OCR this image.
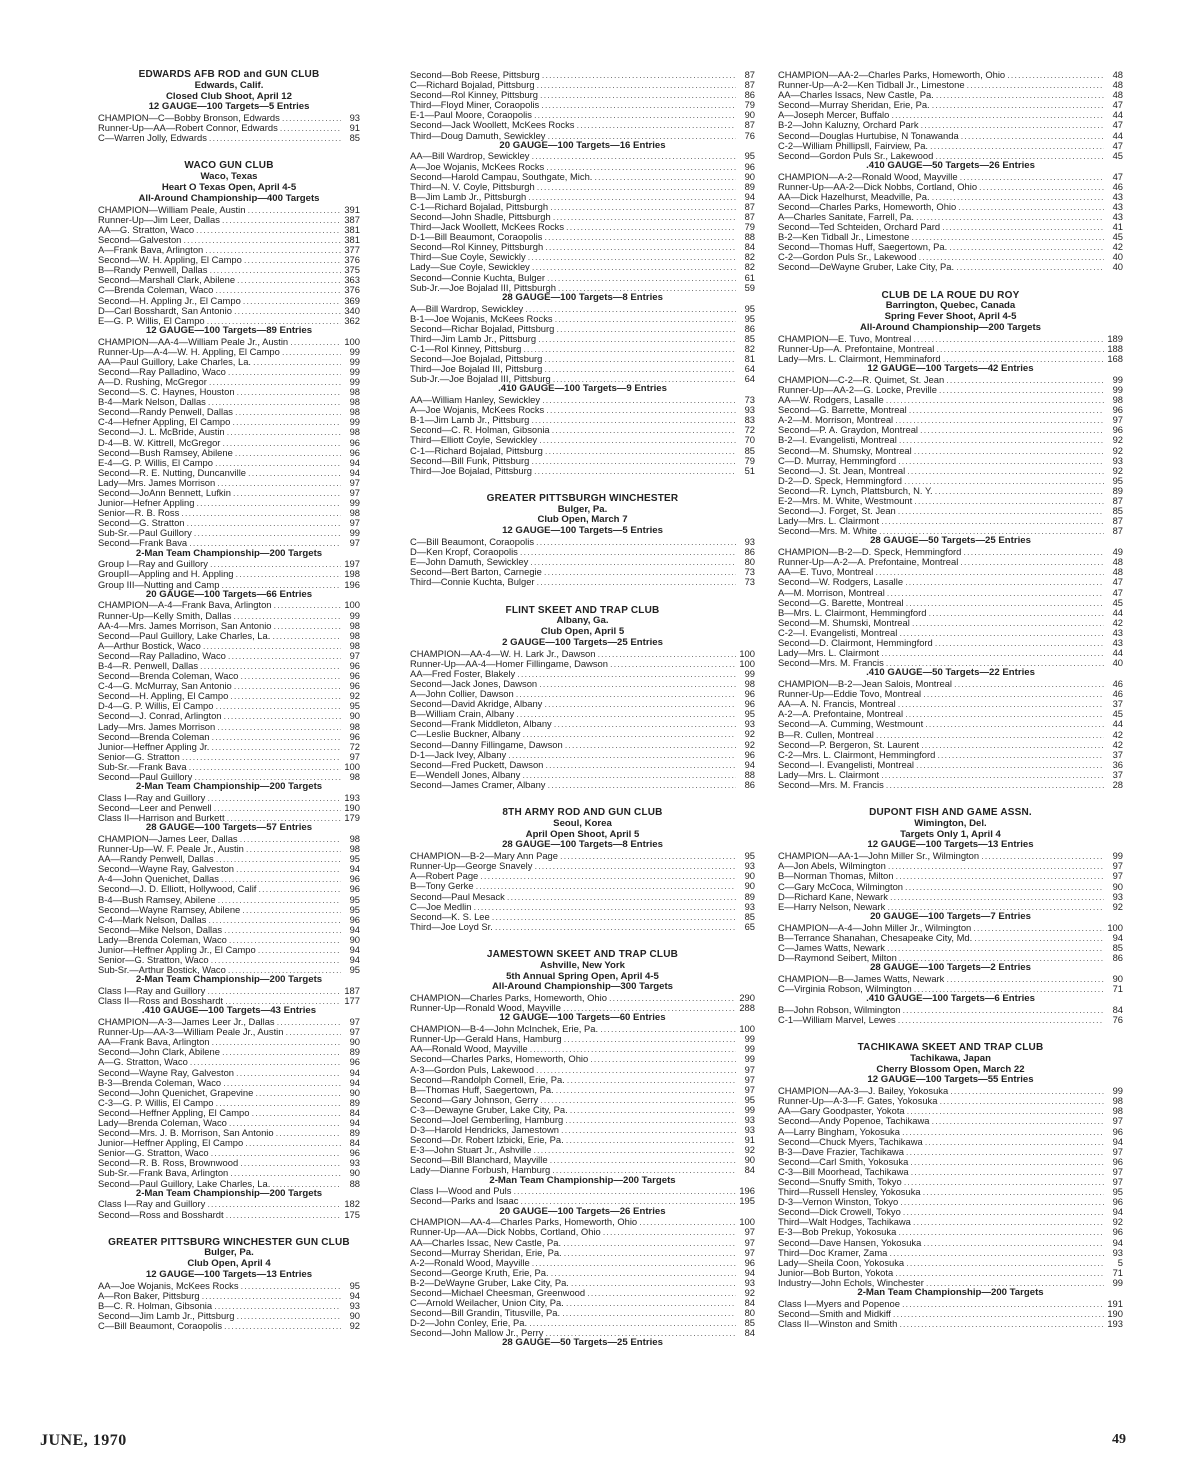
EDWARDS AFB ROD and GUN CLUB
Edwards, Calif.
Closed Club Shoot, April 12
12 GAUGE—100 Targets—5 Entries
CHAMPION—C—Bobby Bronson, Edwards .....	93
Runner-Up—AA—Robert Connor, Edwards .....	91
C—Warren Jolly, Edwards .....	85
WACO GUN CLUB
Waco, Texas
Heart O Texas Open, April 4-5
All-Around Championship—400 Targets
CHAMPION—William Peale, Austin .....	391
Runner-Up—Jim Leer, Dallas .....	387
AA—G. Stratton, Waco .....	381
Second—Galveston .....	381
A—Frank Bava, Arlington .....	377
Second—W. H. Appling, El Campo .....	376
B—Randy Penwell, Dallas .....	375
Second—Marshall Clark, Abilene .....	363
C—Brenda Coleman, Waco .....	376
Second—H. Appling Jr., El Campo .....	369
D—Carl Bosshardt, San Antonio .....	340
E—G. P. Willis, El Campo .....	362
12 GAUGE—100 Targets—89 Entries
CHAMPION—AA-4—William Peale Jr., Austin .....	100
Runner-Up—A-4—W. H. Appling, El Campo .....	99
AA—Paul Guillory, Lake Charles, La. .....	99
Second—Ray Palladino, Waco .....	99
A—D. Rushing, McGregor .....	99
Second—S. C. Haynes, Houston .....	98
B-4—Mark Nelson, Dallas .....	98
Second—Randy Penwell, Dallas .....	98
C-4—Hefner Appling, El Campo .....	99
Second—J. L. McBride, Austin .....	98
D-4—B. W. Kittrell, McGregor .....	96
Second—Bush Ramsey, Abilene .....	96
E-4—G. P. Willis, El Campo .....	94
Second—R. E. Nutting, Duncanville .....	94
Lady—Mrs. James Morrison .....	97
Second—JoAnn Bennett, Lufkin .....	97
Junior—Hefner Appling .....	99
Senior—R. B. Ross .....	98
Second—G. Stratton .....	97
Sub-Sr.—Paul Guillory .....	99
Second—Frank Bava .....	97
2-Man Team Championship—200 Targets
Group I—Ray and Guillory .....	197
GroupII—Appling and H. Appling .....	198
Group III—Nutting and Camp .....	196
20 GAUGE—100 Targets—66 Entries
CHAMPION—A-4—Frank Bava, Arlington .....	100
Runner-Up—Kelly Smith, Dallas .....	99
AA-4—Mrs. James Morrison, San Antonio .....	98
Second—Paul Guillory, Lake Charles, La. .....	98
A—Arthur Bostick, Waco .....	98
Second—Ray Palladino, Waco .....	97
B-4—R. Penwell, Dallas .....	96
Second—Brenda Coleman, Waco .....	96
C-4—G. McMurray, San Antonio .....	96
Second—H. Appling, El Campo .....	92
D-4—G. P. Willis, El Campo .....	95
Second—J. Conrad, Arlington .....	90
Lady—Mrs. James Morrison .....	98
Second—Brenda Coleman .....	96
Junior—Heffner Appling Jr. .....	72
Senior—G. Stratton .....	97
Sub-Sr.—Frank Bava .....	100
Second—Paul Guillory .....	98
2-Man Team Championship—200 Targets
Class I—Ray and Guillory .....	193
Second—Leer and Penwell .....	190
Class II—Harrison and Burkett .....	179
28 GAUGE—100 Targets—57 Entries
CHAMPION—James Leer, Dallas .....	98
Runner-Up—W. F. Peale Jr., Austin .....	98
AA—Randy Penwell, Dallas .....	95
Second—Wayne Ray, Galveston .....	94
A-4—John Quenichet, Dallas .....	96
Second—J. D. Elliott, Hollywood, Calif .....	96
B-4—Bush Ramsey, Abilene .....	95
Second—Wayne Ramsey, Abilene .....	95
C-4—Mark Nelson, Dallas .....	96
Second—Mike Nelson, Dallas .....	94
Lady—Brenda Coleman, Waco .....	90
Junior—Heffner Appling Jr., El Campo .....	94
Senior—G. Stratton, Waco .....	94
Sub-Sr.—Arthur Bostick, Waco .....	95
2-Man Team Championship—200 Targets
Class I—Ray and Guillory .....	187
Class II—Ross and Bosshardt .....	177
.410 GAUGE—100 Targets—43 Entries
CHAMPION—A-3—James Leer Jr., Dallas .....	97
Runner-Up—AA-3—William Peale Jr., Austin .....	97
AA—Frank Bava, Arlington .....	90
Second—John Clark, Abilene .....	89
A—G. Stratton, Waco .....	96
Second—Wayne Ray, Galveston .....	94
B-3—Brenda Coleman, Waco .....	94
Second—John Quenichet, Grapevine .....	90
C-3—G. P. Willis, El Campo .....	89
Second—Heffner Appling, El Campo .....	84
Lady—Brenda Coleman, Waco .....	94
Second—Mrs. J. B. Morrison, San Antonio .....	89
Junior—Heffner Appling, El Campo .....	84
Senior—G. Stratton, Waco .....	96
Second—R. B. Ross, Brownwood .....	93
Sub-Sr.—Frank Bava, Arlington .....	90
Second—Paul Guillory, Lake Charles, La. .....	88
2-Man Team Championship—200 Targets
Class I—Ray and Guillory .....	182
Second—Ross and Bosshardt .....	175
GREATER PITTSBURG WINCHESTER GUN CLUB
Bulger, Pa.
Club Open, April 4
12 GAUGE—100 Targets—13 Entries
AA—Joe Wojanis, McKees Rocks .....	95
A—Ron Baker, Pittsburg .....	94
B—C. R. Holman, Gibsonia .....	93
Second—Jim Lamb Jr., Pittsburg .....	90
C—Bill Beaumont, Coraopolis .....	92
Second—Bob Reese, Pittsburg .....	87
C—Richard Bojalad, Pittsburg .....	87
Second—Rol Kinney, Pittsburg .....	86
Third—Floyd Miner, Coraopolis .....	79
E-1—Paul Moore, Coraopolis .....	90
Second—Jack Woollett, McKees Rocks .....	87
Third—Doug Damuth, Sewickley .....	76
20 GAUGE—100 Targets—16 Entries
AA—Bill Wardrop, Sewickley .....	95
A—Joe Wojanis, McKees Rocks .....	96
Second—Harold Campau, Southgate, Mich. .....	90
Third—N. V. Coyle, Pittsburgh .....	89
B—Jim Lamb Jr., Pittsburgh .....	94
C-1—Richard Bojalad, Pittsburgh .....	87
Second—John Shadle, Pittsburgh .....	87
Third—Jack Woollett, McKees Rocks .....	79
D-1—Bill Beaumont, Coraopolis .....	88
Second—Rol Kinney, Pittsburgh .....	84
Third—Sue Coyle, Sewickly .....	82
Lady—Sue Coyle, Sewickley .....	82
Second—Connie Kuchta, Bulger .....	61
Sub-Jr.—Joe Bojalad III, Pittsburgh .....	59
28 GAUGE—100 Targets—8 Entries
A—Bill Wardrop, Sewickley .....	95
B-1—Joe Wojanis, McKees Rocks .....	95
Second—Richar Bojalad, Pittsburg .....	86
Third—Jim Lamb Jr., Pittsburg .....	85
C-1—Rol Kinney, Pittsburg .....	82
Second—Joe Bojalad, Pittsburg .....	81
Third—Joe Bojalad III, Pittsburg .....	64
Sub-Jr.—Joe Bojalad III, Pittsburg .....	64
.410 GAUGE—100 Targets—9 Entries
AA—William Hanley, Sewickley .....	73
A—Joe Wojanis, McKees Rocks .....	93
B-1—Jim Lamb Jr., Pittsburg .....	83
Second—C. R. Holman, Gibsonia .....	72
Third—Elliott Coyle, Sewickley .....	70
C-1—Richard Bojalad, Pittsburg .....	85
Second—Bill Funk, Pittsburg .....	79
Third—Joe Bojalad, Pittsburg .....	51
GREATER PITTSBURGH WINCHESTER
Bulger, Pa.
Club Open, March 7
12 GAUGE—100 Targets—5 Entries
C—Bill Beaumont, Coraopolis .....	93
D—Ken Kropf, Coraopolis .....	86
E—John Damuth, Sewickley .....	80
Second—Bert Barton, Carnegie .....	73
Third—Connie Kuchta, Bulger .....	73
FLINT SKEET AND TRAP CLUB
Albany, Ga.
Club Open, April 5
2 GAUGE—100 Targets—25 Entries
CHAMPION—AA-4—W. H. Lark Jr., Dawson .....	100
Runner-Up—AA-4—Homer Fillingame, Dawson .....	100
AA—Fred Foster, Blakely .....	99
Second—Jack Jones, Dawson .....	98
A—John Collier, Dawson .....	96
Second—David Akridge, Albany .....	96
B—William Crain, Albany .....	95
Second—Frank Middleton, Albany .....	93
C—Leslie Buckner, Albany .....	92
Second—Danny Fillingame, Dawson .....	92
D-1—Jack Ivey, Albany .....	96
Second—Fred Puckett, Dawson .....	94
E—Wendell Jones, Albany .....	88
Second—James Cramer, Albany .....	86
8TH ARMY ROD AND GUN CLUB
Seoul, Korea
April Open Shoot, April 5
28 GAUGE—100 Targets—8 Entries
CHAMPION—B-2—Mary Ann Page .....	95
Runner-Up—George Snavely .....	93
A—Robert Page .....	90
B—Tony Gerke .....	90
Second—Paul Mesack .....	89
C—Joe Medlin .....	93
Second—K. S. Lee .....	85
Third—Joe Loyd Sr. .....	65
JAMESTOWN SKEET AND TRAP CLUB
Ashville, New York
5th Annual Spring Open, April 4-5
All-Around Championship—300 Targets
CHAMPION—Charles Parks, Homeworth, Ohio .....	290
Runner-Up—Ronald Wood, Mayville .....	288
12 GAUGE—100 Targets—60 Entries
CHAMPION—B-4—John McInchek, Erie, Pa. .....	100
Runner-Up—Gerald Hans, Hamburg .....	99
AA—Ronald Wood, Mayville .....	99
Second—Charles Parks, Homeworth, Ohio .....	99
A-3—Gordon Puls, Lakewood .....	97
Second—Randolph Cornell, Erie, Pa. .....	97
B—Thomas Huff, Saegertown, Pa. .....	97
Second—Gary Johnson, Gerry .....	95
C-3—Dewayne Gruber, Lake City, Pa. .....	99
Second—Joel Gemberling, Hamburg .....	93
D-3—Harold Hendricks, Jamestown .....	93
Second—Dr. Robert Izbicki, Erie, Pa. .....	91
E-3—John Stuart Jr., Ashville .....	92
Second—Bill Blanchard, Mayville .....	90
Lady—Dianne Forbush, Hamburg .....	84
2-Man Team Championship—200 Targets
Class I—Wood and Puls .....	196
Second—Parks and Isaac .....	195
20 GAUGE—100 Targets—26 Entries
CHAMPION—AA-4—Charles Parks, Homeworth, Ohio .....	100
Runner-Up—AA—Dick Nobbs, Cortland, Ohio .....	97
AA—Charles Issac, New Castle, Pa. .....	97
Second—Murray Sheridan, Erie, Pa. .....	97
A-2—Ronald Wood, Mayville .....	96
Second—George Kruth, Erie, Pa. .....	94
B-2—DeWayne Gruber, Lake City, Pa. .....	93
Second—Michael Cheesman, Greenwood .....	92
C—Arnold Weilacher, Union City, Pa. .....	84
Second—Bill Grandin, Titusville, Pa. .....	80
D-2—John Conley, Erie, Pa. .....	85
Second—John Mallow Jr., Perry .....	84
28 GAUGE—50 Targets—25 Entries
CHAMPION—AA-2—Charles Parks, Homeworth, Ohio .....	48
Runner-Up—A-2—Ken Tidball Jr., Limestone .....	48
AA—Charles Issacs, New Castle, Pa. .....	48
Second—Murray Sheridan, Erie, Pa. .....	47
A—Joseph Mercer, Buffalo .....	44
B-2—John Kaluzny, Orchard Park .....	47
Second—Douglas Hurtubise, N Tonawanda .....	44
C-2—William Phillipsll, Fairview, Pa. .....	47
Second—Gordon Puls Sr., Lakewood .....	45
.410 GAUGE—50 Targets—26 Entries
CHAMPION—A-2—Ronald Wood, Mayville .....	47
Runner-Up—AA-2—Dick Nobbs, Cortland, Ohio .....	46
AA—Dick Hazelhurst, Meadville, Pa. .....	43
Second—Charles Parks, Homeworth, Ohio .....	43
A—Charles Sanitate, Farrell, Pa. .....	43
Second—Ted Schteiden, Orchard Pard .....	41
B-2—Ken Tidball Jr., Limestone .....	45
Second—Thomas Huff, Saegertown, Pa. .....	42
C-2—Gordon Puls Sr., Lakewood .....	40
Second—DeWayne Gruber, Lake City, Pa. .....	40
CLUB DE LA ROUE DU ROY
Barrington, Quebec, Canada
Spring Fever Shoot, April 4-5
All-Around Championship—200 Targets
CHAMPION—E. Tuvo, Montreal .....	189
Runner-Up—A. Prefontaine, Montreal .....	188
Lady—Mrs. L. Clairmont, Hemminaford .....	168
12 GAUGE—100 Targets—42 Entries
CHAMPION—C-2—R. Quimet, St. Jean .....	99
Runner-Up—AA-2—G. Locke, Preville .....	99
AA—W. Rodgers, Lasalle .....	98
Second—G. Barrette, Montreal .....	96
A-2—M. Morrison, Montreal .....	97
Second—P. A. Graydon, Montreal .....	96
B-2—I. Evangelisti, Montreal .....	92
Second—M. Shumsky, Montreal .....	92
C—D. Murray, Hemmingford .....	93
Second—J. St. Jean, Montreal .....	92
D-2—D. Speck, Hemmingford .....	95
Second—R. Lynch, Plattsburch, N. Y. .....	89
E-2—Mrs. M. White, Westmount .....	87
Second—J. Forget, St. Jean .....	85
Lady—Mrs. L. Clairmont .....	87
Second—Mrs. M. White .....	87
28 GAUGE—50 Targets—25 Entries
CHAMPION—B-2—D. Speck, Hemmingford .....	49
Runner-Up—A-2—A. Prefontaine, Montreal .....	48
AA—E. Tuvo, Montreal .....	48
Second—W. Rodgers, Lasalle .....	47
A—M. Morrison, Montreal .....	47
Second—G. Barette, Montreal .....	45
B—Mrs. L. Clairmont, Hemmingford .....	44
Second—M. Shumski, Montreal .....	42
C-2—I. Evangelisti, Montreal .....	43
Second—D. Clairmont, Hemmingford .....	43
Lady—Mrs. L. Clairmont .....	44
Second—Mrs. M. Francis .....	40
.410 GAUGE—50 Targets—22 Entries
CHAMPION—B-2—Jean Salois, Montreal .....	46
Runner-Up—Eddie Tovo, Montreal .....	46
AA—A. N. Francis, Montreal .....	37
A-2—A. Prefontaine, Montreal .....	45
Second—A. Cumming, Westmount .....	44
B—R. Cullen, Montreal .....	42
Second—P. Bergeron, St. Laurent .....	42
C-2—Mrs. L. Clairmont, Hemmingford .....	37
Second—I. Evangelisti, Montreal .....	36
Lady—Mrs. L. Clairmont .....	37
Second—Mrs. M. Francis .....	28
DUPONT FISH AND GAME ASSN.
Wimington, Del.
Targets Only 1, April 4
12 GAUGE—100 Targets—13 Entries
CHAMPION—AA-1—John Miller Sr., Wilmington .....	99
A—Jon Abels, Wilmington .....	97
B—Norman Thomas, Milton .....	97
C—Gary McCoca, Wilmington .....	90
D—Richard Kane, Newark .....	93
E—Harry Nelson, Newark .....	92
20 GAUGE—100 Targets—7 Entries
CHAMPION—A-4—John Miller Jr., Wilmington .....	100
B—Terrance Shanahan, Chesapeake City, Md. .....	94
C—James Watts, Newark .....	85
D—Raymond Seibert, Milton .....	86
28 GAUGE—100 Targets—2 Entries
CHAMPION—B—James Watts, Newark .....	90
C—Virginia Robson, Wilmington .....	71
.410 GAUGE—100 Targets—6 Entries
B—John Robson, Wilmington .....	84
C-1—William Marvel, Lewes .....	76
TACHIKAWA SKEET AND TRAP CLUB
Tachikawa, Japan
Cherry Blossom Open, March 22
12 GAUGE—100 Targets—55 Entries
CHAMPION—AA-3—J. Bailey, Yokosuka .....	99
Runner-Up—A-3—F. Gates, Yokosuka .....	98
AA—Gary Goodpaster, Yokota .....	98
Second—Andy Popenoe, Tachikawa .....	97
A—Larry Bingham, Yokosuka .....	96
Second—Chuck Myers, Tachikawa .....	94
B-3—Dave Frazier, Tachikawa .....	97
Second—Carl Smith, Yokosuka .....	96
C-3—Bill Moorhead, Tachikawa .....	97
Second—Snuffy Smith, Tokyo .....	97
Third—Russell Hensley, Yokosuka .....	95
D-3—Vernon Winston, Tokyo .....	96
Second—Dick Crowell, Tokyo .....	94
Third—Walt Hodges, Tachikawa .....	92
E-3—Bob Prekup, Yokosuka .....	96
Second—Dave Hansen, Yokosuka .....	94
Third—Doc Kramer, Zama .....	93
Lady—Sheila Coon, Yokosuka .....	5
Junior—Bob Burton, Yokota .....	71
Industry—John Echols, Winchester .....	99
2-Man Team Championship—200 Targets
Class I—Myers and Popenoe .....	191
Second—Smith and Midkiff .....	190
Class II—Winston and Smith .....	193
JUNE, 1970	49
